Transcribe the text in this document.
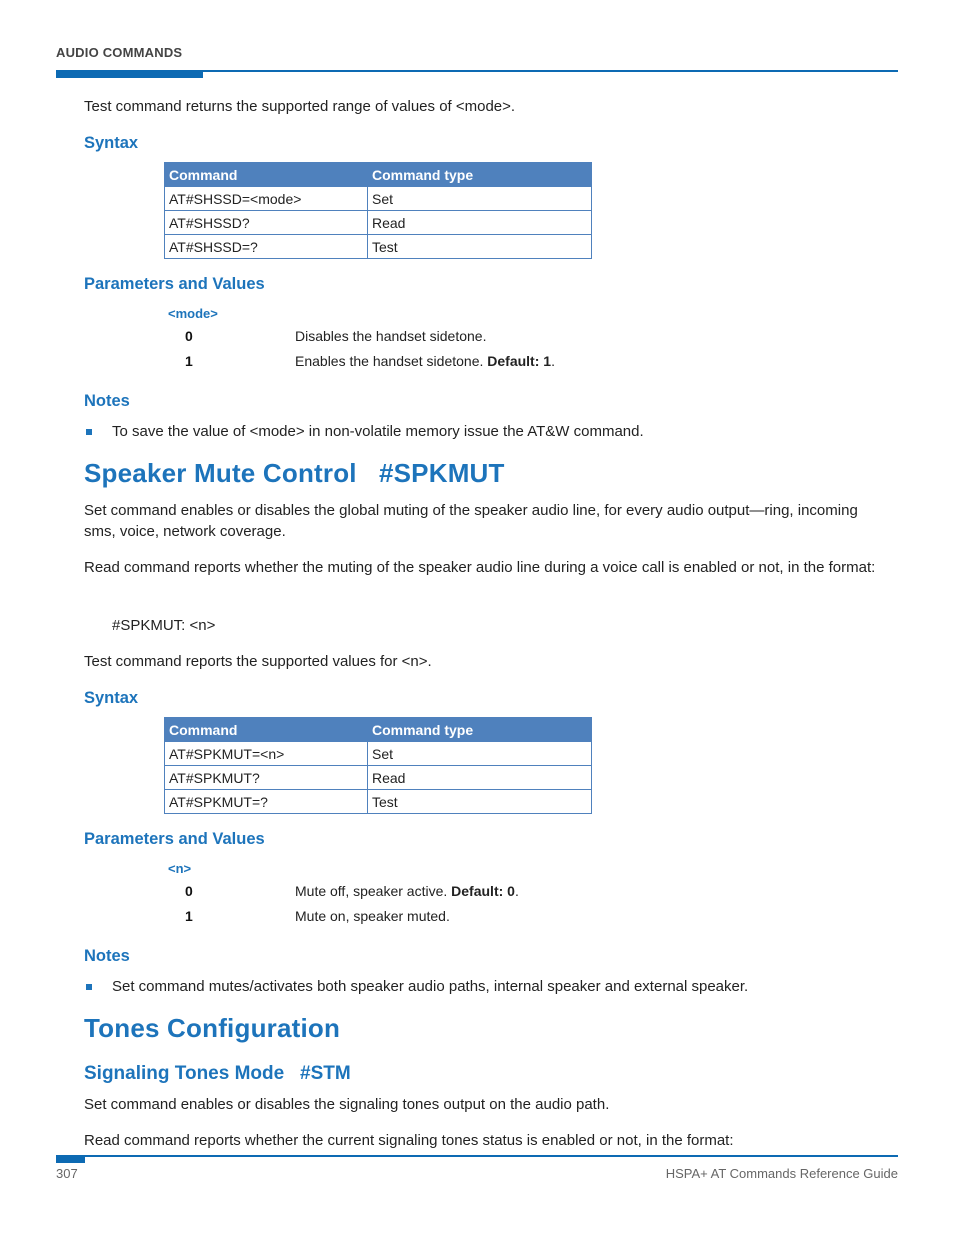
AUDIO COMMANDS

Test command returns the supported range of values of <mode>.

Syntax
Command	Command type
AT#SHSSD=<mode>	Set
AT#SHSSD?	Read
AT#SHSSD=?	Test
Parameters and Values
<mode>
0	Disables the handset sidetone.
1	Enables the handset sidetone. Default: 1.
Notes

To save the value of <mode> in non-volatile memory issue the AT&W command.

Speaker Mute Control   #SPKMUT

Set command enables or disables the global muting of the speaker audio line, for every audio output—ring, incoming sms, voice, network coverage.

Read command reports whether the muting of the speaker audio line during a voice call is enabled or not, in the format:

#SPKMUT: <n>

Test command reports the supported values for <n>.

Syntax
Command	Command type
AT#SPKMUT=<n>	Set
AT#SPKMUT?	Read
AT#SPKMUT=?	Test
Parameters and Values
<n>
0	Mute off, speaker active. Default: 0.
1	Mute on, speaker muted.
Notes

Set command mutes/activates both speaker audio paths, internal speaker and external speaker.

Tones Configuration
Signaling Tones Mode   #STM

Set command enables or disables the signaling tones output on the audio path.

Read command reports whether the current signaling tones status is enabled or not, in the format:

307	HSPA+ AT Commands Reference Guide
